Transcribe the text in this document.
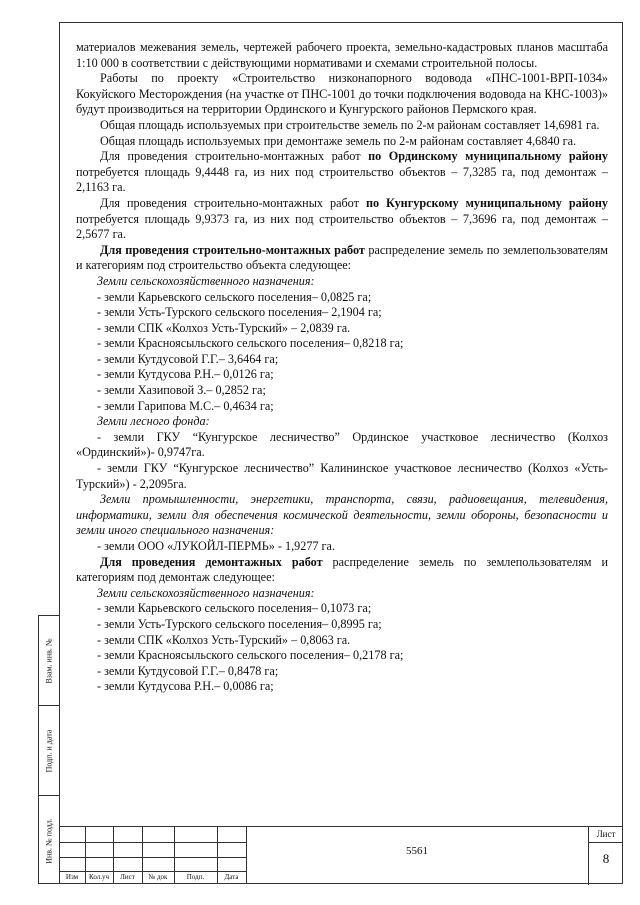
Взам. инв. №
Подп. и дата
Инв. № подл.

материалов межевания земель, чертежей рабочего проекта, земельно-кадастровых планов масштаба 1:10 000 в соответствии с действующими нормативами и схемами строительной полосы.

Работы по проекту «Строительство низконапорного водовода «ПНС-1001-ВРП-1034» Кокуйского Месторождения (на участке от ПНС-1001 до точки подключения водовода на КНС-1003)» будут производиться на территории Ординского и Кунгурского районов Пермского края.

Общая площадь используемых при строительстве земель по 2-м районам составляет 14,6981 га.

Общая площадь используемых при демонтаже земель по 2-м районам составляет 4,6840 га.

Для проведения строительно-монтажных работ по Ординскому муниципальному району потребуется площадь 9,4448 га, из них под строительство объектов – 7,3285 га, под демонтаж – 2,1163 га.

Для проведения строительно-монтажных работ по Кунгурскому муниципальному району потребуется площадь 9,9373 га, из них под строительство объектов – 7,3696 га, под демонтаж – 2,5677 га.

Для проведения строительно-монтажных работ распределение земель по землепользователям и категориям под строительство объекта следующее:

Земли сельскохозяйственного назначения:

- земли Карьевского сельского поселения– 0,0825 га;

- земли Усть-Турского сельского поселения– 2,1904 га;

- земли СПК «Колхоз Усть-Турский» – 2,0839 га.

- земли Красноясыльского сельского поселения– 0,8218 га;

- земли Кутдусовой Г.Г.– 3,6464 га;

- земли Кутдусова Р.Н.– 0,0126 га;

- земли Хазиповой З.– 0,2852 га;

- земли Гарипова М.С.– 0,4634 га;

Земли лесного фонда:

- земли ГКУ “Кунгурское лесничество” Ординское участковое лесничество (Колхоз «Ординский»)- 0,9747га.

- земли ГКУ “Кунгурское лесничество” Калининское участковое лесничество (Колхоз «Усть-Турский») - 2,2095га.

Земли промышленности, энергетики, транспорта, связи, радиовещания, телевидения, информатики, земли для обеспечения космической деятельности, земли обороны, безопасности и земли иного специального назначения:

- земли ООО «ЛУКОЙЛ-ПЕРМЬ» - 1,9277 га.

Для проведения демонтажных работ распределение земель по землепользователям и категориям под демонтаж следующее:

Земли сельскохозяйственного назначения:

- земли Карьевского сельского поселения– 0,1073 га;

- земли Усть-Турского сельского поселения– 0,8995 га;

- земли СПК «Колхоз Усть-Турский» – 0,8063 га.

- земли Красноясыльского сельского поселения– 0,2178 га;

- земли Кутдусовой Г.Г.– 0,8478 га;

- земли Кутдусова Р.Н.– 0,0086 га;

Изм	Кол.уч	Лист	№ док	Подп.	Дата
5561
Лист
8
